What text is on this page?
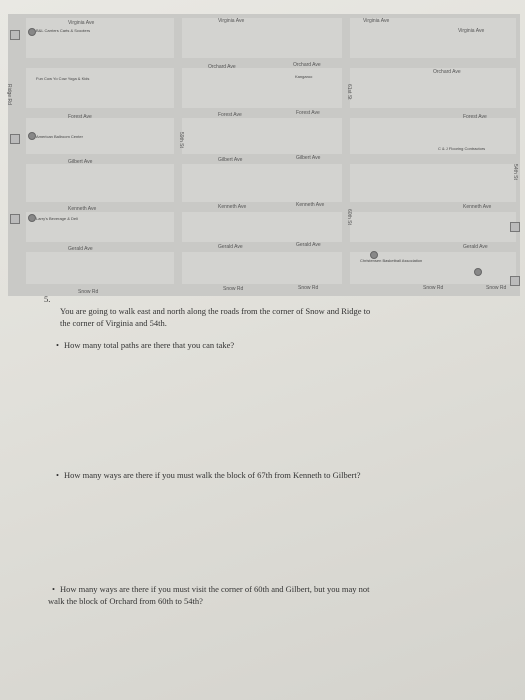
Virginia Ave	Virginia Ave	Virginia Ave
Virginia Ave
Orchard Ave	Orchard Ave
Orchard Ave
Forest Ave	Forest Ave	Forest Ave
Forest Ave
Gilbert Ave	Gilbert Ave	Gilbert Ave
Kenneth Ave	Kenneth Ave	Kenneth Ave	Kenneth Ave
Gerald Ave	Gerald Ave	Gerald Ave	Gerald Ave
Snow Rd	Snow Rd	Snow Rd	Snow Rd	Snow Rd
59th St
60th St
61st St
54th St
Ridge Rd
B&L Carriers Carts & Scooters
Kangaroo
Fun Cow Yo Cow Yoga & Kids
American Ballroom Center
Larry's Beverage & Deli
Christensen Basketball Association
C & J Flooring Contractors
5.
You are going to walk east and north along the roads from the corner of Snow and Ridge to
the corner of Virginia and 54th.
• How many total paths are there that you can take?
• How many ways are there if you must walk the block of 67th from Kenneth to Gilbert?
• How many ways are there if you must visit the corner of 60th and Gilbert, but you may not
walk the block of Orchard from 60th to 54th?
